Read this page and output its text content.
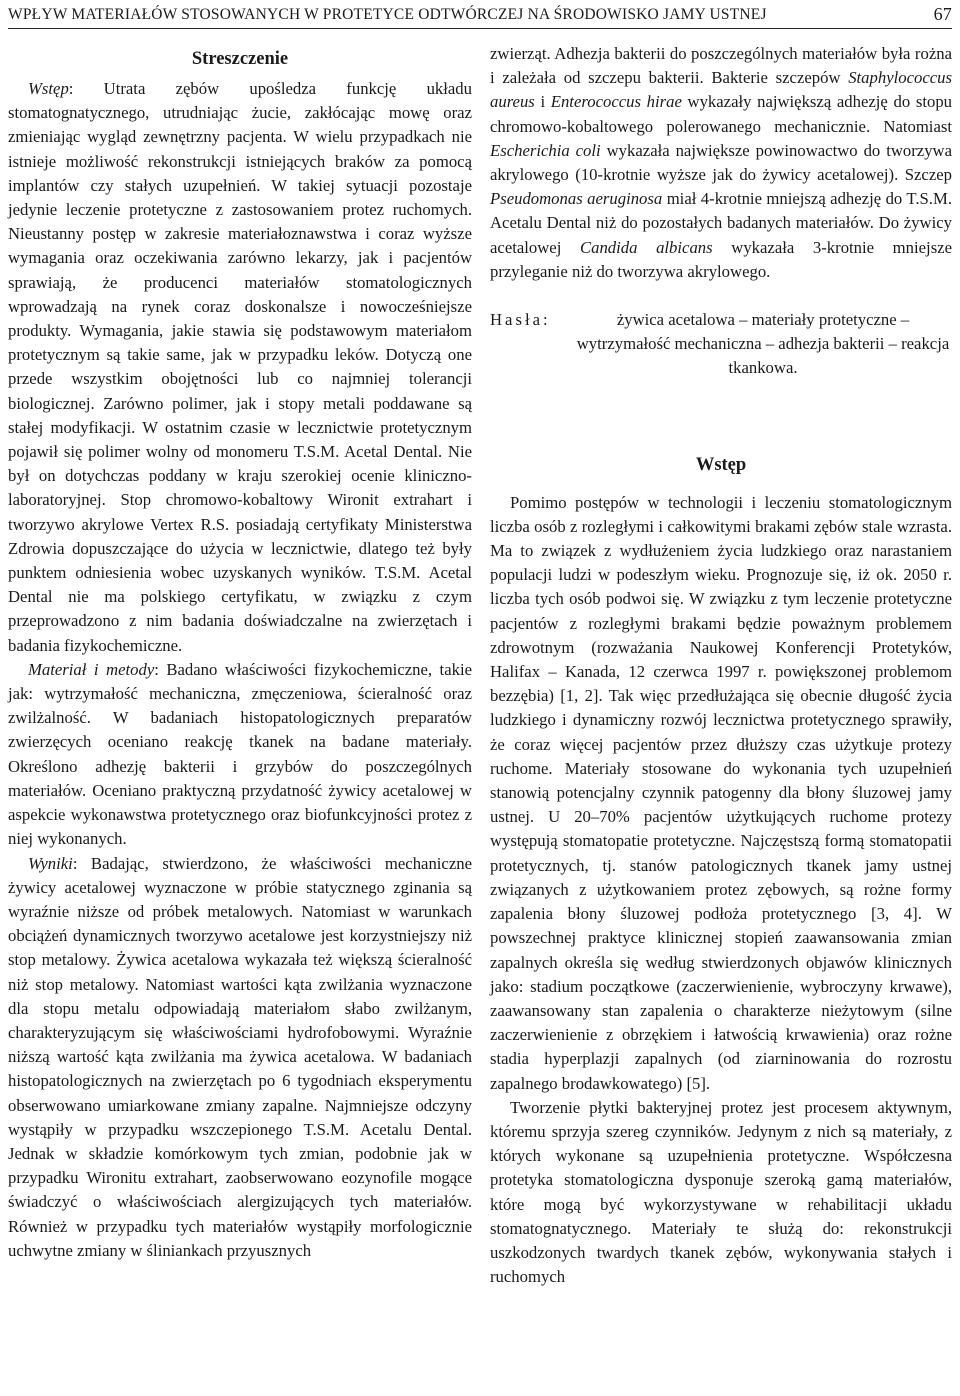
WPŁYW MATERIAŁÓW STOSOWANYCH W PROTETYCE ODTWÓRCZEJ NA ŚRODOWISKO JAMY USTNEJ	67
Streszczenie

Wstęp: Utrata zębów upośledza funkcję układu stomatognatycznego, utrudniając żucie, zakłócając mowę oraz zmieniając wygląd zewnętrzny pacjenta. W wielu przypadkach nie istnieje możliwość rekonstrukcji istniejących braków za pomocą implantów czy stałych uzupełnień. W takiej sytuacji pozostaje jedynie leczenie protetyczne z zastosowaniem protez ruchomych. Nieustanny postęp w zakresie materiałoznawstwa i coraz wyższe wymagania oraz oczekiwania zarówno lekarzy, jak i pacjentów sprawiają, że producenci materiałów stomatologicznych wprowadzają na rynek coraz doskonalsze i nowocześniejsze produkty. Wymagania, jakie stawia się podstawowym materiałom protetycznym są takie same, jak w przypadku leków. Dotyczą one przede wszystkim obojętności lub co najmniej tolerancji biologicznej. Zarówno polimer, jak i stopy metali poddawane są stałej modyfikacji. W ostatnim czasie w lecznictwie protetycznym pojawił się polimer wolny od monomeru T.S.M. Acetal Dental. Nie był on dotychczas poddany w kraju szerokiej ocenie kliniczno-laboratoryjnej. Stop chromowo-kobaltowy Wironit extrahart i tworzywo akrylowe Vertex R.S. posiadają certyfikaty Ministerstwa Zdrowia dopuszczające do użycia w lecznictwie, dlatego też były punktem odniesienia wobec uzyskanych wyników. T.S.M. Acetal Dental nie ma polskiego certyfikatu, w związku z czym przeprowadzono z nim badania doświadczalne na zwierzętach i badania fizykochemiczne.

Materiał i metody: Badano właściwości fizykochemiczne, takie jak: wytrzymałość mechaniczna, zmęczeniowa, ścieralność oraz zwilżalność. W badaniach histopatologicznych preparatów zwierzęcych oceniano reakcję tkanek na badane materiały. Określono adhezję bakterii i grzybów do poszczególnych materiałów. Oceniano praktyczną przydatność żywicy acetalowej w aspekcie wykonawstwa protetycznego oraz biofunkcyjności protez z niej wykonanych.

Wyniki: Badając, stwierdzono, że właściwości mechaniczne żywicy acetalowej wyznaczone w próbie statycznego zginania są wyraźnie niższe od próbek metalowych. Natomiast w warunkach obciążeń dynamicznych tworzywo acetalowe jest korzystniejszy niż stop metalowy. Żywica acetalowa wykazała też większą ścieralność niż stop metalowy. Natomiast wartości kąta zwilżania wyznaczone dla stopu metalu odpowiadają materiałom słabo zwilżanym, charakteryzującym się właściwościami hydrofobowymi. Wyraźnie niższą wartość kąta zwilżania ma żywica acetalowa. W badaniach histopatologicznych na zwierzętach po 6 tygodniach eksperymentu obserwowano umiarkowane zmiany zapalne. Najmniejsze odczyny wystąpiły w przypadku wszczepionego T.S.M. Acetalu Dental. Jednak w składzie komórkowym tych zmian, podobnie jak w przypadku Wironitu extrahart, zaobserwowano eozynofile mogące świadczyć o właściwościach alergizujących tych materiałów. Również w przypadku tych materiałów wystąpiły morfologicznie uchwytne zmiany w śliniankach przyusznych

zwierząt. Adhezja bakterii do poszczególnych materiałów była rożna i zależała od szczepu bakterii. Bakterie szczepów Staphylococcus aureus i Enterococcus hirae wykazały największą adhezję do stopu chromowo-kobaltowego polerowanego mechanicznie. Natomiast Escherichia coli wykazała największe powinowactwo do tworzywa akrylowego (10-krotnie wyższe jak do żywicy acetalowej). Szczep Pseudomonas aeruginosa miał 4-krotnie mniejszą adhezję do T.S.M. Acetalu Dental niż do pozostałych badanych materiałów. Do żywicy acetalowej Candida albicans wykazała 3-krotnie mniejsze przyleganie niż do tworzywa akrylowego.

Hasła:	żywica acetalowa – materiały protetyczne – wytrzymałość mechaniczna – adhezja bakterii – reakcja tkankowa.
Wstęp

Pomimo postępów w technologii i leczeniu stomatologicznym liczba osób z rozległymi i całkowitymi brakami zębów stale wzrasta. Ma to związek z wydłużeniem życia ludzkiego oraz narastaniem populacji ludzi w podeszłym wieku. Prognozuje się, iż ok. 2050 r. liczba tych osób podwoi się. W związku z tym leczenie protetyczne pacjentów z rozległymi brakami będzie poważnym problemem zdrowotnym (rozważania Naukowej Konferencji Protetyków, Halifax – Kanada, 12 czerwca 1997 r. powiększonej problemom bezzębia) [1, 2]. Tak więc przedłużająca się obecnie długość życia ludzkiego i dynamiczny rozwój lecznictwa protetycznego sprawiły, że coraz więcej pacjentów przez dłuższy czas użytkuje protezy ruchome. Materiały stosowane do wykonania tych uzupełnień stanowią potencjalny czynnik patogenny dla błony śluzowej jamy ustnej. U 20–70% pacjentów użytkujących ruchome protezy występują stomatopatie protetyczne. Najczęstszą formą stomatopatii protetycznych, tj. stanów patologicznych tkanek jamy ustnej związanych z użytkowaniem protez zębowych, są rożne formy zapalenia błony śluzowej podłoża protetycznego [3, 4]. W powszechnej praktyce klinicznej stopień zaawansowania zmian zapalnych określa się według stwierdzonych objawów klinicznych jako: stadium początkowe (zaczerwienienie, wybroczyny krwawe), zaawansowany stan zapalenia o charakterze nieżytowym (silne zaczerwienienie z obrzękiem i łatwością krwawienia) oraz rożne stadia hyperplazji zapalnych (od ziarninowania do rozrostu zapalnego brodawkowatego) [5].

Tworzenie płytki bakteryjnej protez jest procesem aktywnym, któremu sprzyja szereg czynników. Jedynym z nich są materiały, z których wykonane są uzupełnienia protetyczne. Współczesna protetyka stomatologiczna dysponuje szeroką gamą materiałów, które mogą być wykorzystywane w rehabilitacji układu stomatognatycznego. Materiały te służą do: rekonstrukcji uszkodzonych twardych tkanek zębów, wykonywania stałych i ruchomych
